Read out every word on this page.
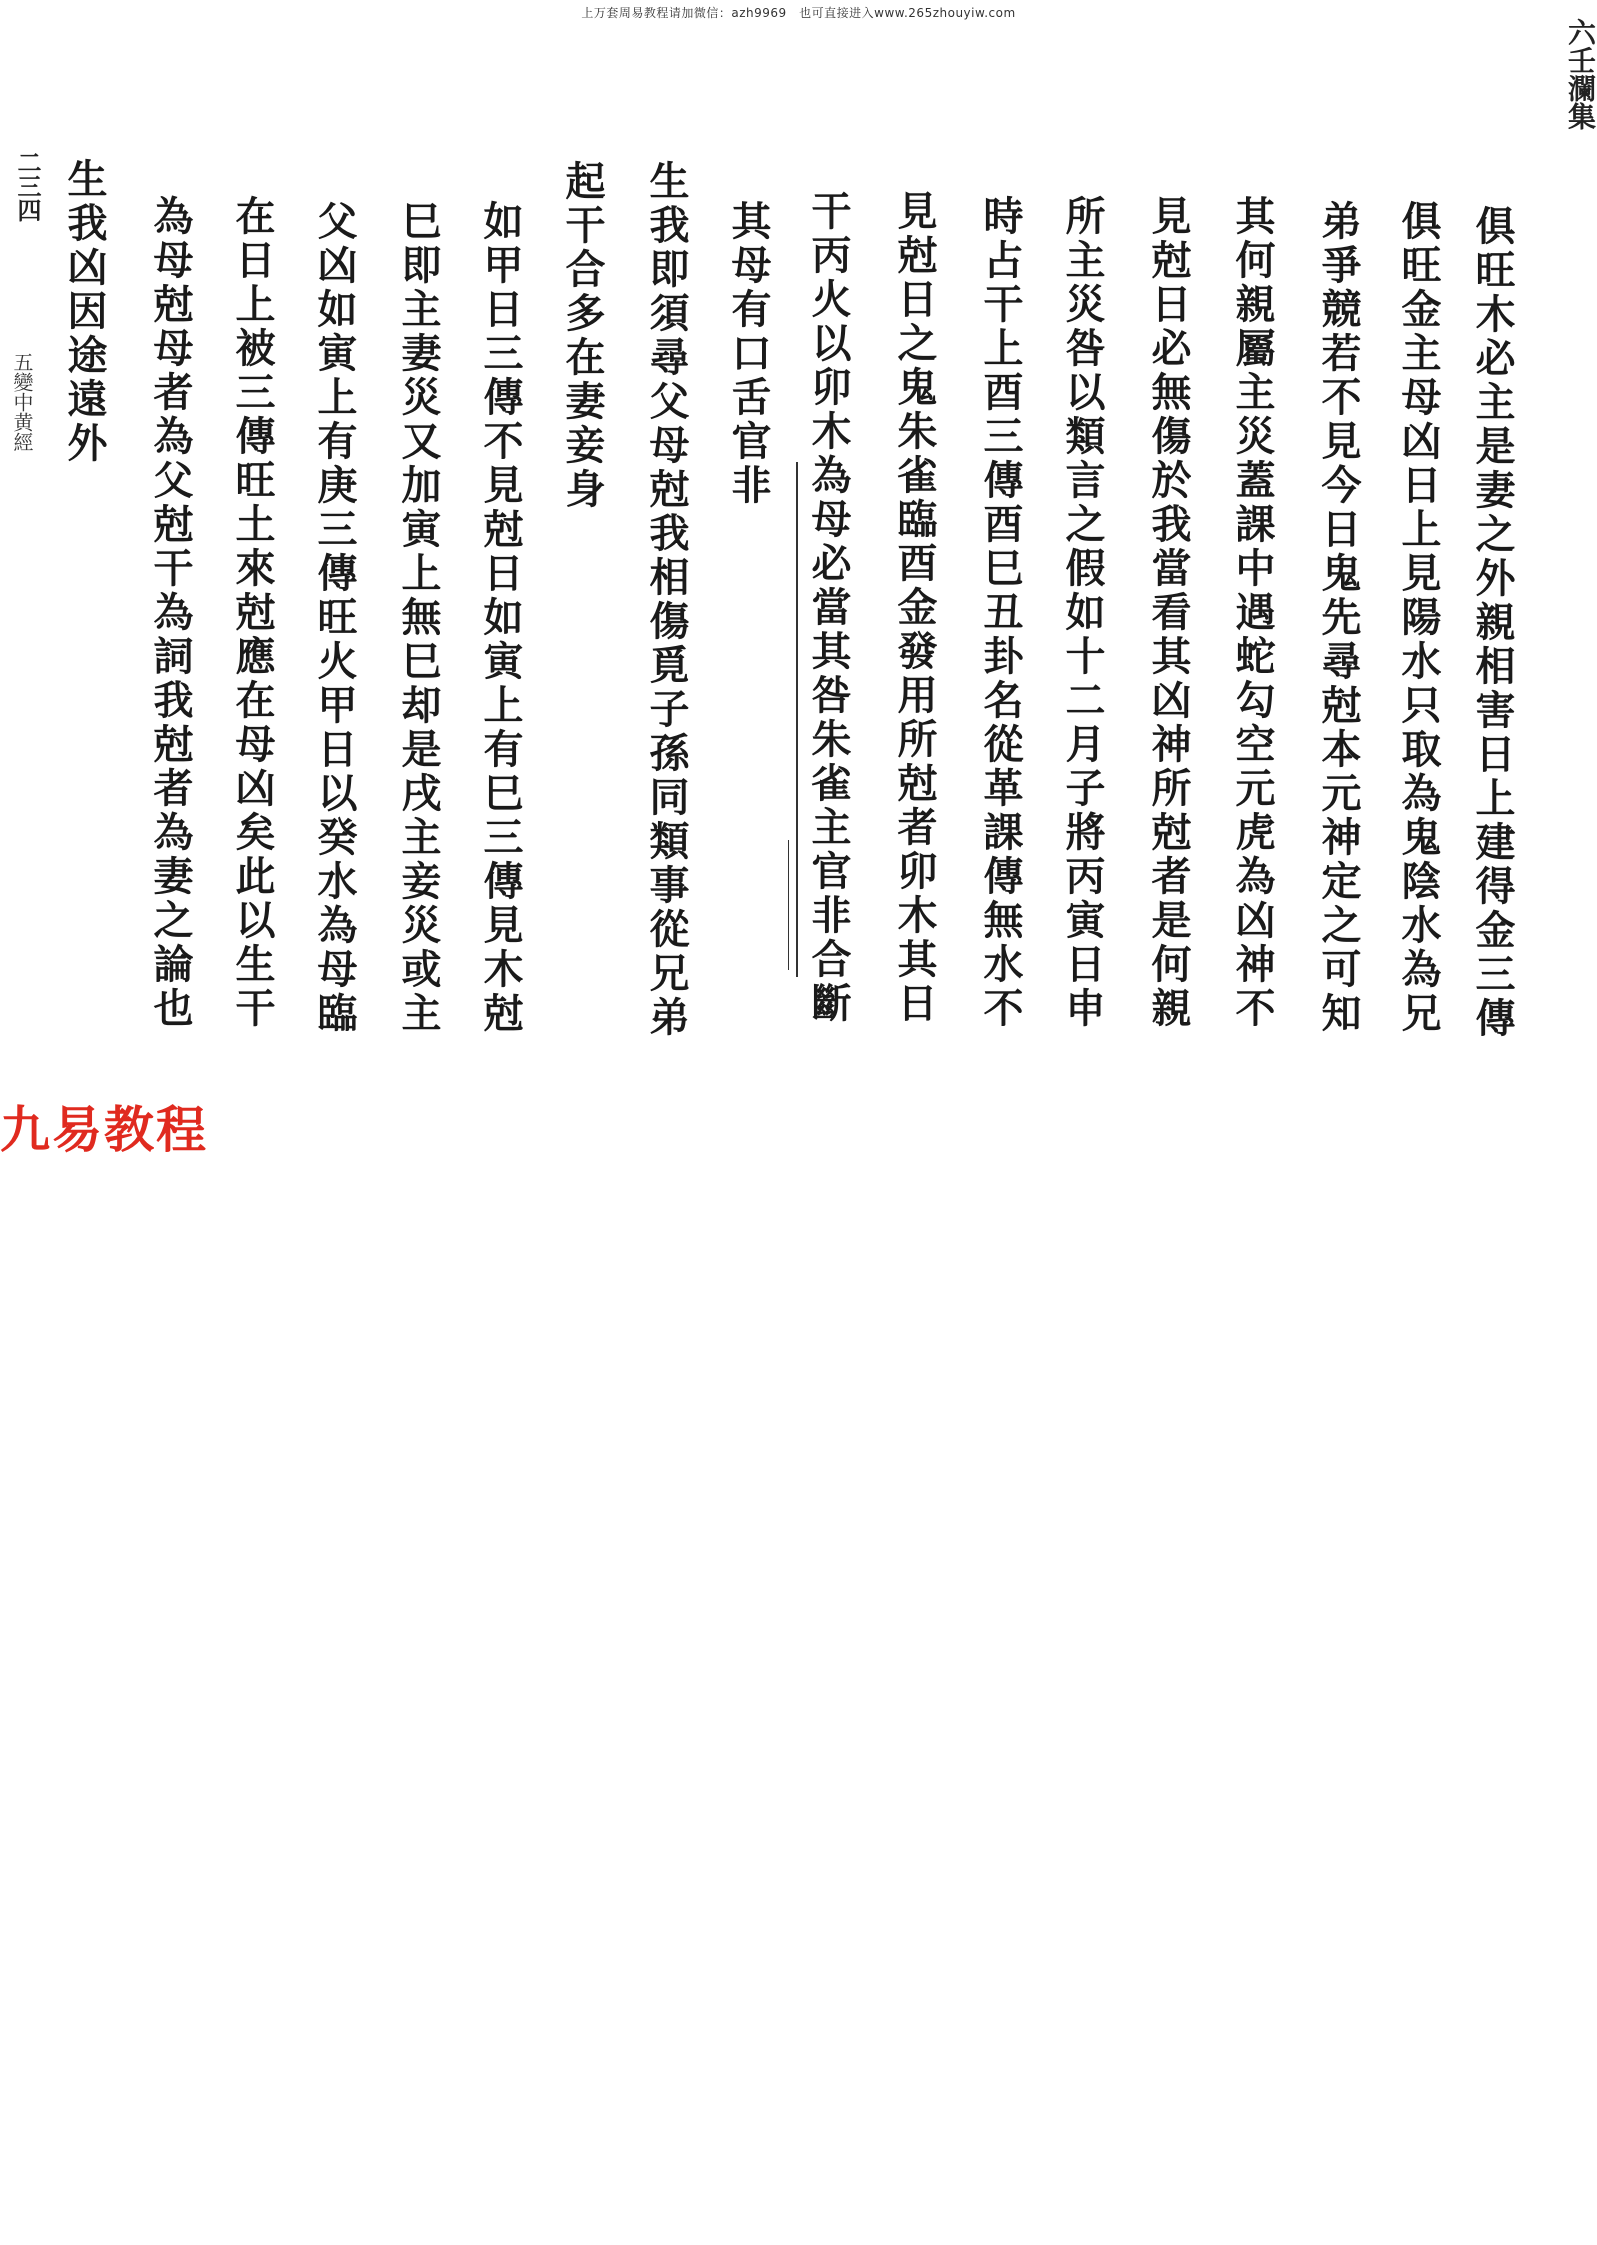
上万套周易教程请加微信：azh9969　也可直接进入www.265zhouyiw.com
六壬瀾集
俱旺木必主是妻之外親相害日上建得金三傳
俱旺金主母凶日上見陽水只取為鬼陰水為兄
弟爭競若不見今日鬼先尋尅本元神定之可知
其何親屬主災蓋課中遇蛇勾空元虎為凶神不
見尅日必無傷於我當看其凶神所尅者是何親
所主災咎以類言之假如十二月子將丙寅日申
時占干上酉三傳酉巳丑卦名從革課傳無水不
見尅日之鬼朱雀臨酉金發用所尅者卯木其日
干丙火以卯木為母必當其咎朱雀主官非合斷
其母有口舌官非
生我即須尋父母尅我相傷覓子孫同類事從兄弟
起干合多在妻妾身
如甲日三傳不見尅日如寅上有巳三傳見木尅
巳即主妻災又加寅上無巳却是戌主妾災或主
父凶如寅上有庚三傳旺火甲日以癸水為母臨
在日上被三傳旺土來尅應在母凶矣此以生干
為母尅母者為父尅干為詞我尅者為妻之論也
生我凶因途遠外
二三四
五變中黄經
九易教程
